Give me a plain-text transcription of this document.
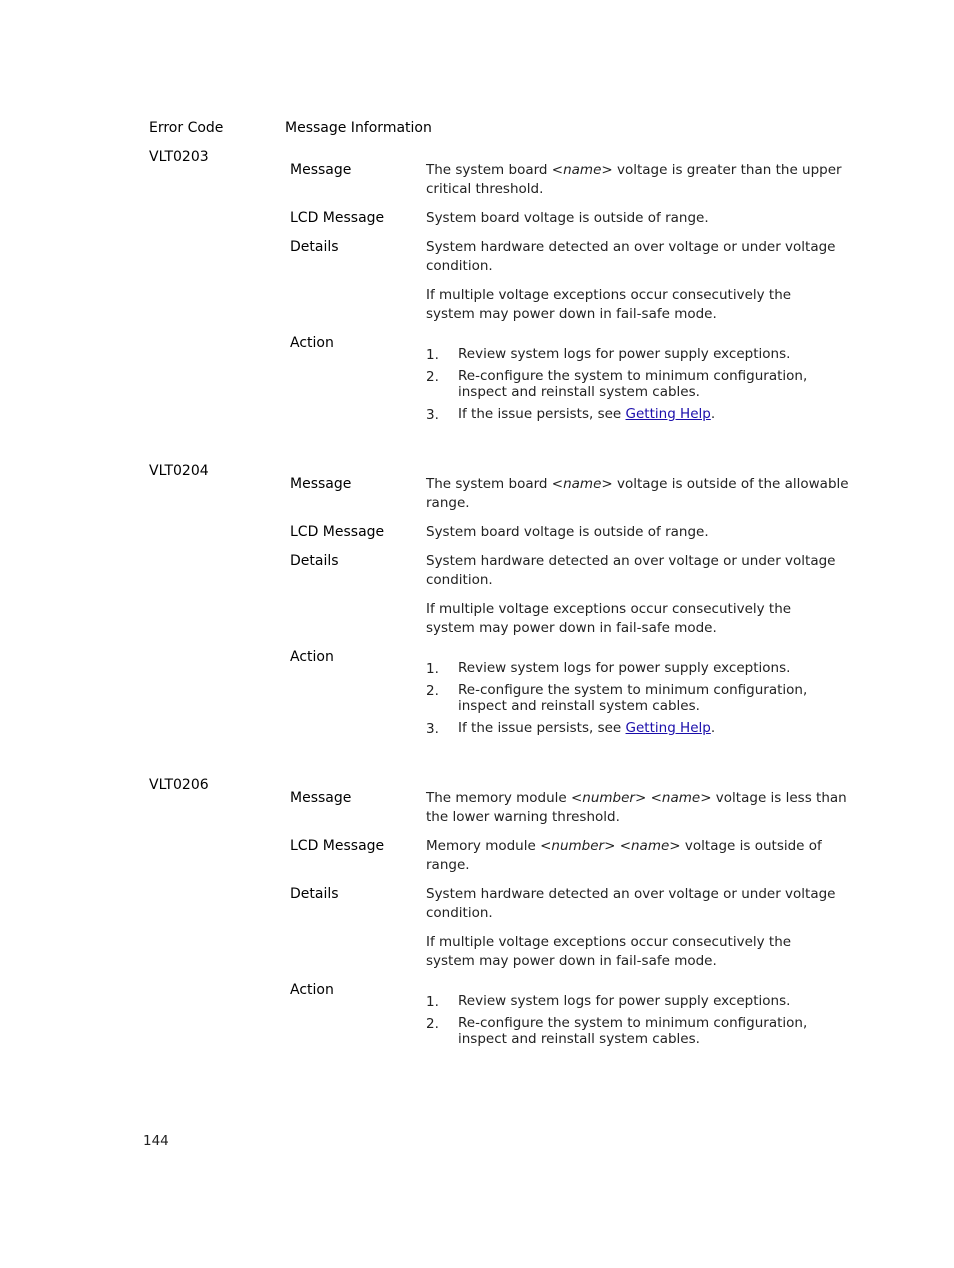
Error Code	Message Information
VLT0203
Message	The system board <name> voltage is greater than the upper
critical threshold.
LCD Message	System board voltage is outside of range.
Details	System hardware detected an over voltage or under voltage
condition.
If multiple voltage exceptions occur consecutively the
system may power down in fail-safe mode.
Action
1. Review system logs for power supply exceptions.
2. Re-configure the system to minimum configuration,
inspect and reinstall system cables.
3. If the issue persists, see Getting Help.
VLT0204
Message	The system board <name> voltage is outside of the allowable
range.
LCD Message	System board voltage is outside of range.
Details	System hardware detected an over voltage or under voltage
condition.
If multiple voltage exceptions occur consecutively the
system may power down in fail-safe mode.
Action
1. Review system logs for power supply exceptions.
2. Re-configure the system to minimum configuration,
inspect and reinstall system cables.
3. If the issue persists, see Getting Help.
VLT0206
Message	The memory module <number> <name> voltage is less than
the lower warning threshold.
LCD Message	Memory module <number> <name> voltage is outside of
range.
Details	System hardware detected an over voltage or under voltage
condition.
If multiple voltage exceptions occur consecutively the
system may power down in fail-safe mode.
Action
1. Review system logs for power supply exceptions.
2. Re-configure the system to minimum configuration,
inspect and reinstall system cables.
144
